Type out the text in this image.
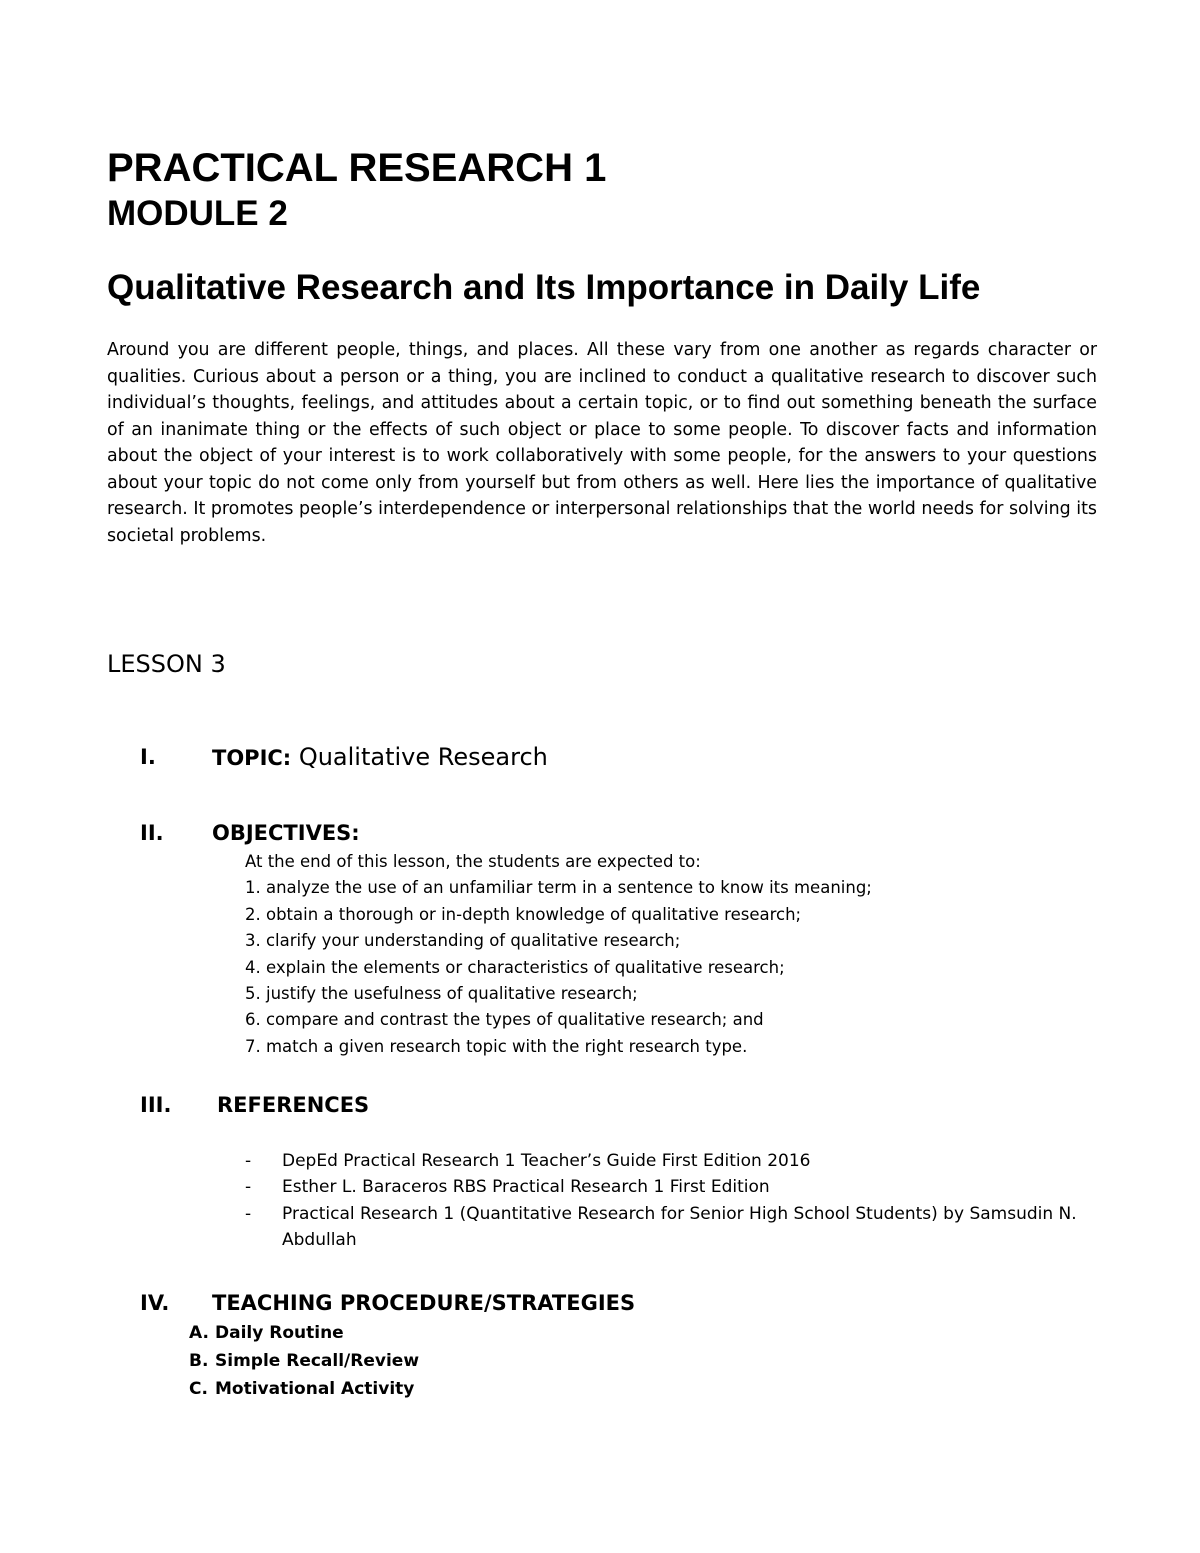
PRACTICAL RESEARCH 1
MODULE 2
Qualitative Research and Its Importance in Daily Life

Around you are different people, things, and places. All these vary from one another as regards character or qualities. Curious about a person or a thing, you are inclined to conduct a qualitative research to discover such individual’s thoughts, feelings, and attitudes about a certain topic, or to find out something beneath the surface of an inanimate thing or the effects of such object or place to some people. To discover facts and information about the object of your interest is to work collaboratively with some people, for the answers to your questions about your topic do not come only from yourself but from others as well. Here lies the importance of qualitative research. It promotes people’s interdependence or interpersonal relationships that the world needs for solving its societal problems.

LESSON 3
I.	TOPIC: Qualitative Research
II. OBJECTIVES:
At the end of this lesson, the students are expected to:
1. analyze the use of an unfamiliar term in a sentence to know its meaning;
2. obtain a thorough or in-depth knowledge of qualitative research;
3. clarify your understanding of qualitative research;
4. explain the elements or characteristics of qualitative research;
5. justify the usefulness of qualitative research;
6. compare and contrast the types of qualitative research; and
7. match a given research topic with the right research type.
III. REFERENCES
- DepEd Practical Research 1 Teacher’s Guide First Edition 2016
- Esther L. Baraceros RBS Practical Research 1 First Edition
- Practical Research 1 (Quantitative Research for Senior High School Students) by Samsudin N. Abdullah
IV. TEACHING PROCEDURE/STRATEGIES
A. Daily Routine
B. Simple Recall/Review
C. Motivational Activity
